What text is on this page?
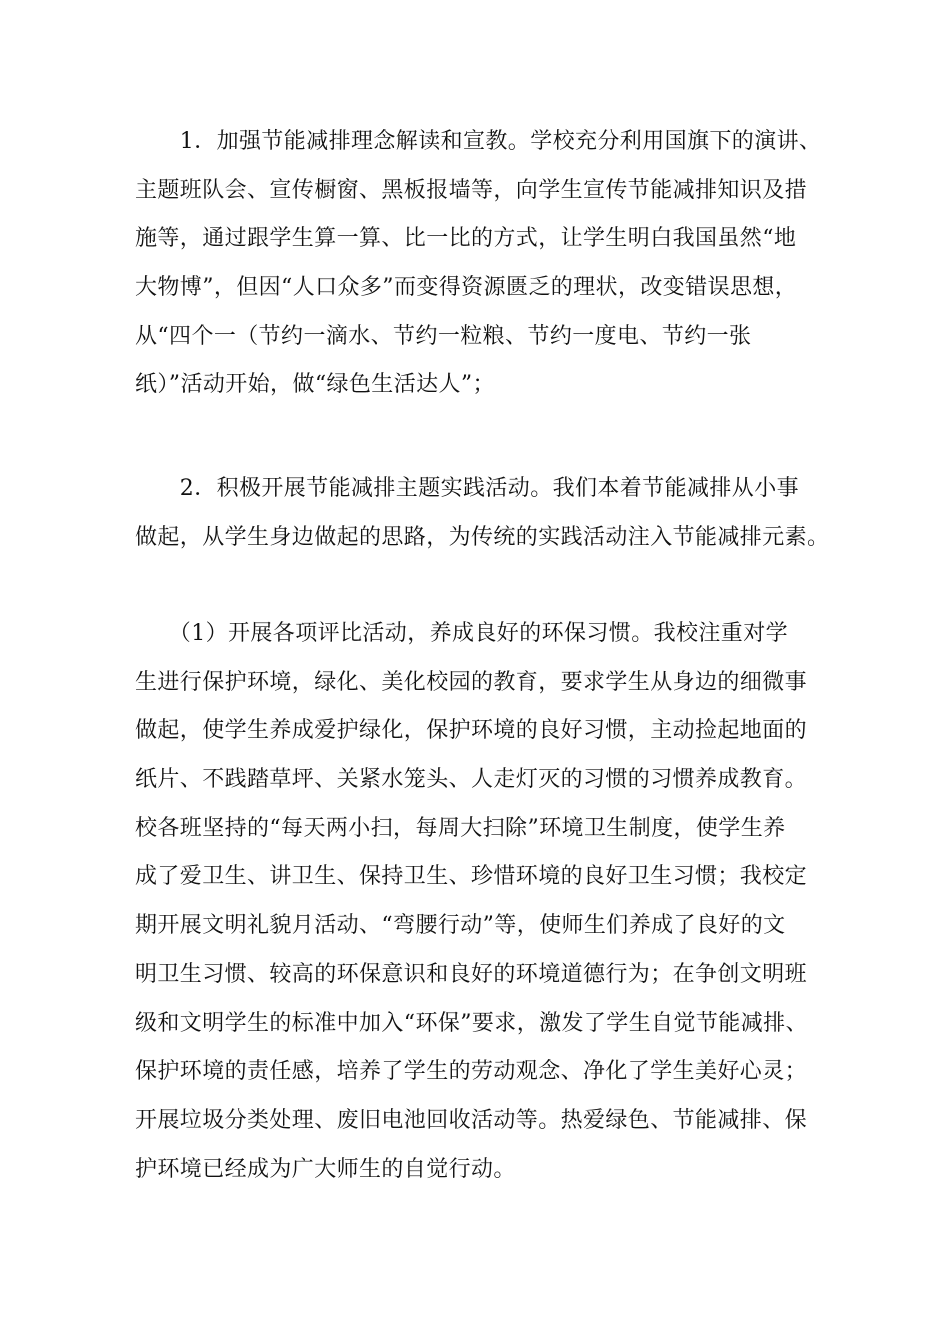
　　1．加强节能减排理念解读和宣教。学校充分利用国旗下的演讲、
主题班队会、宣传橱窗、黑板报墙等，向学生宣传节能减排知识及措
施等，通过跟学生算一算、比一比的方式，让学生明白我国虽然“地
大物博”，但因“人口众多”而变得资源匮乏的理状，改变错误思想，
从“四个一（节约一滴水、节约一粒粮、节约一度电、节约一张
纸）”活动开始，做“绿色生活达人”；

　　2．积极开展节能减排主题实践活动。我们本着节能减排从小事
做起，从学生身边做起的思路，为传统的实践活动注入节能减排元素。

　　（1）开展各项评比活动，养成良好的环保习惯。我校注重对学
生进行保护环境，绿化、美化校园的教育，要求学生从身边的细微事
做起，使学生养成爱护绿化，保护环境的良好习惯，主动捡起地面的
纸片、不践踏草坪、关紧水笼头、人走灯灭的习惯的习惯养成教育。
校各班坚持的“每天两小扫，每周大扫除”环境卫生制度，使学生养
成了爱卫生、讲卫生、保持卫生、珍惜环境的良好卫生习惯；我校定
期开展文明礼貌月活动、“弯腰行动”等，使师生们养成了良好的文
明卫生习惯、较高的环保意识和良好的环境道德行为；在争创文明班
级和文明学生的标准中加入“环保”要求，激发了学生自觉节能减排、
保护环境的责任感，培养了学生的劳动观念、净化了学生美好心灵；
开展垃圾分类处理、废旧电池回收活动等。热爱绿色、节能减排、保
护环境已经成为广大师生的自觉行动。
